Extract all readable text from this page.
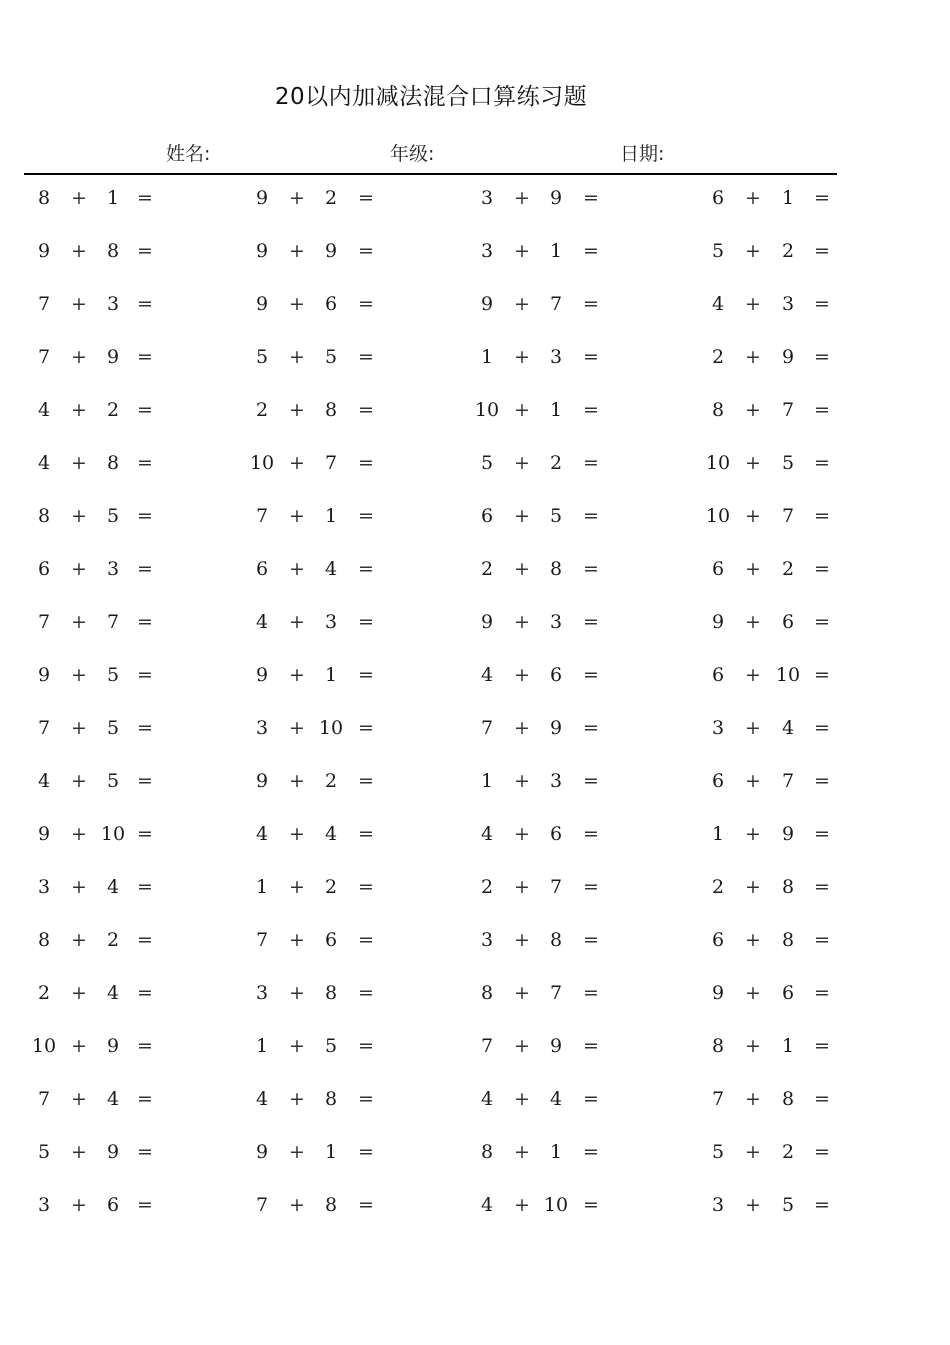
20以内加减法混合口算练习题
姓名:	年级:	日期:
8	+	1 =	9	+	2	=	3	+	9	=	6	+	1	=
9	+	8 =	9	+	9	=	3	+	1	=	5	+	2	=
7	+	3 =	9	+	6	=	9	+	7	=	4	+	3	=
7	+	9 =	5	+	5	=	1	+	3	=	2	+	9	=
4	+	2 =	2	+	8	=	10 +	1	=	8	+	7	=
4	+	8 =	10 +	7	=	5	+	2	=	10 +	5	=
8	+	5 =	7	+	1	=	6	+	5	=	10 +	7	=
6	+	3 =	6	+	4	=	2	+	8	=	6	+	2	=
7	+	7 =	4	+	3	=	9	+	3	=	9	+	6	=
9	+	5 =	9	+	1	=	4	+	6	=	6	+ 10 =
7	+	5 =	3	+ 10 =	7	+	9	=	3	+	4	=
4	+	5 =	9	+	2	=	1	+	3	=	6	+	7	=
9	+ 10 =	4	+	4	=	4	+	6	=	1	+	9	=
3	+	4 =	1	+	2	=	2	+	7	=	2	+	8	=
8	+	2 =	7	+	6	=	3	+	8	=	6	+	8	=
2	+	4 =	3	+	8	=	8	+	7	=	9	+	6	=
10 +	9 =	1	+	5	=	7	+	9	=	8	+	1	=
7	+	4 =	4	+	8	=	4	+	4	=	7	+	8	=
5	+	9 =	9	+	1	=	8	+	1	=	5	+	2	=
3	+	6 =	7	+	8	=	4	+ 10 =	3	+	5	=
